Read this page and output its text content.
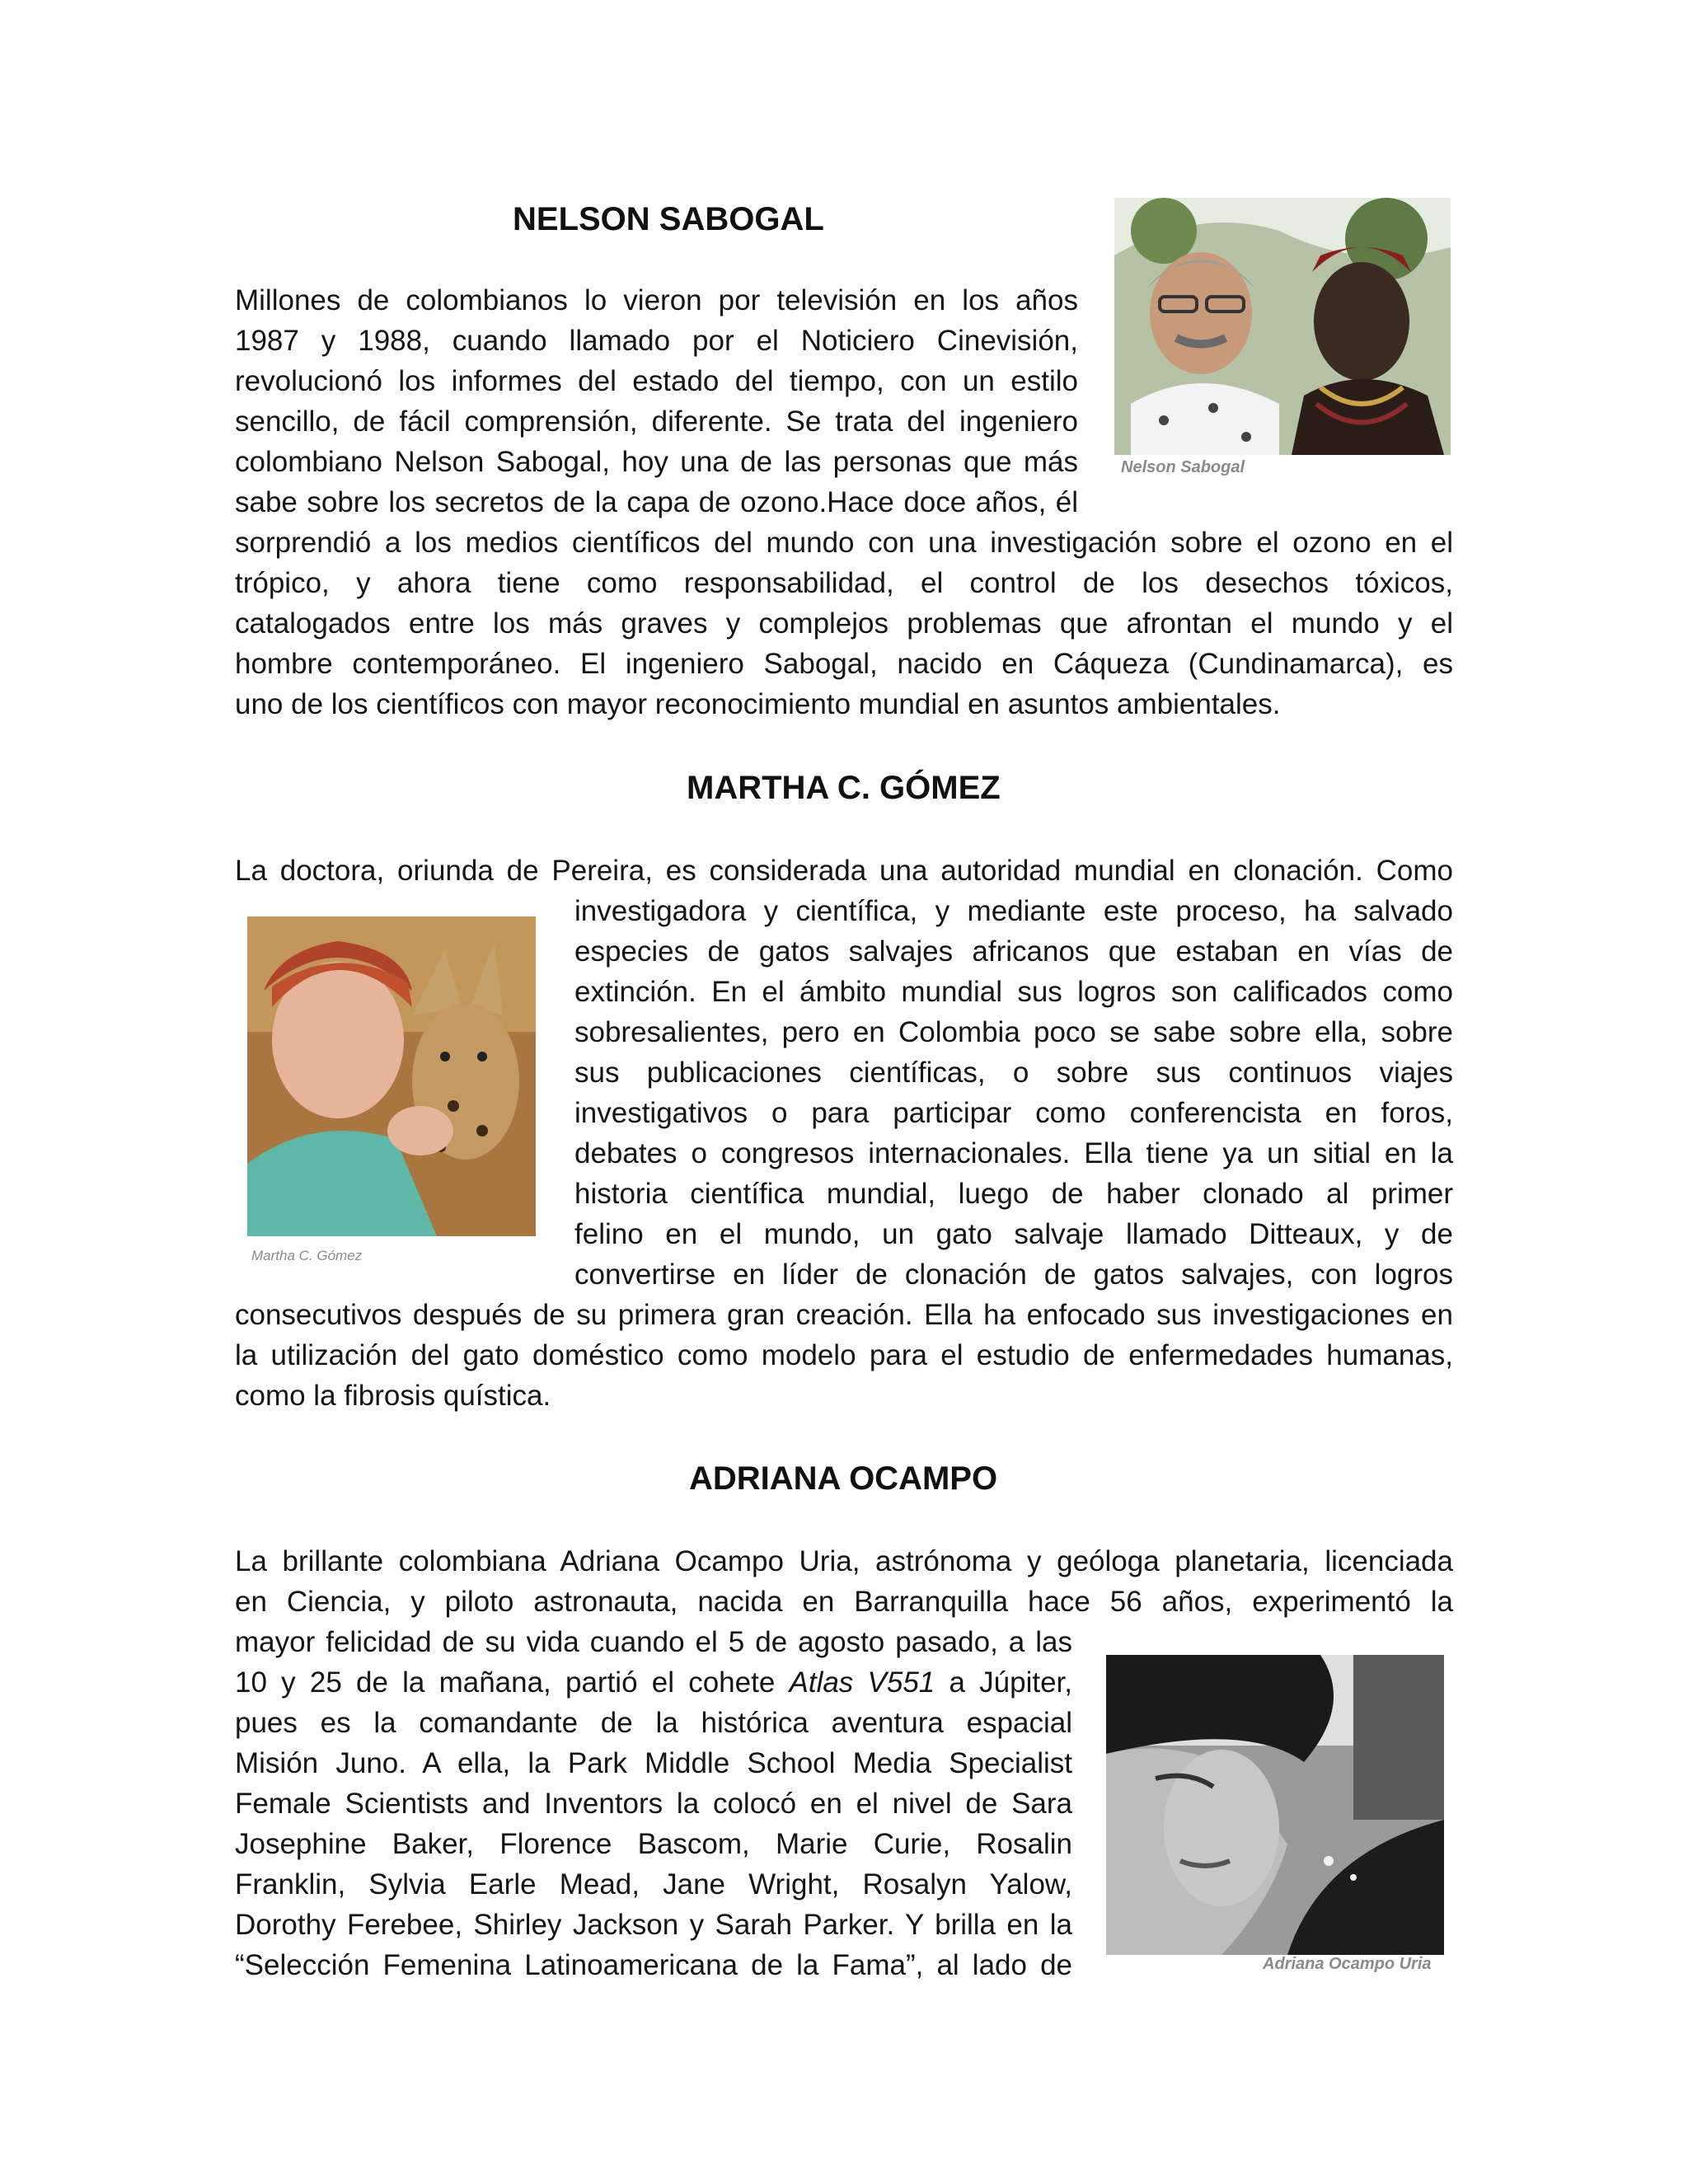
NELSON SABOGAL

Millones de colombianos lo vieron por televisión en los años

1987 y 1988, cuando llamado por el Noticiero Cinevisión,

revolucionó los informes del estado del tiempo, con un estilo

sencillo, de fácil comprensión, diferente. Se trata del ingeniero

colombiano Nelson Sabogal, hoy una de las personas que más

sabe sobre los secretos de la capa de ozono.Hace doce años, él

sorprendió a los medios científicos del mundo con una investigación sobre el ozono en el

trópico, y ahora tiene como responsabilidad, el control de los desechos tóxicos,

catalogados entre los más graves y complejos problemas que afrontan el mundo y el

hombre contemporáneo. El ingeniero Sabogal, nacido en Cáqueza (Cundinamarca), es

uno de los científicos con mayor reconocimiento mundial en asuntos ambientales.

Nelson Sabogal

MARTHA C. GÓMEZ

La doctora, oriunda de Pereira, es considerada una autoridad mundial en clonación. Como

investigadora y científica, y mediante este proceso, ha salvado

especies de gatos salvajes africanos que estaban en vías de

extinción. En el ámbito mundial sus logros son calificados como

sobresalientes, pero en Colombia poco se sabe sobre ella, sobre

sus publicaciones científicas, o sobre sus continuos viajes

investigativos o para participar como conferencista en foros,

debates o congresos internacionales. Ella tiene ya un sitial en la

historia científica mundial, luego de haber clonado al primer

felino en el mundo, un gato salvaje llamado Ditteaux, y de

convertirse en líder de clonación de gatos salvajes, con logros

consecutivos después de su primera gran creación. Ella ha enfocado sus investigaciones en

la utilización del gato doméstico como modelo para el estudio de enfermedades humanas,

como la fibrosis quística.

Martha C. Gómez

ADRIANA OCAMPO

La brillante colombiana Adriana Ocampo Uria, astrónoma y geóloga planetaria, licenciada

en Ciencia, y piloto astronauta, nacida en Barranquilla hace 56 años, experimentó la

mayor felicidad de su vida cuando el 5 de agosto pasado, a las

10 y 25 de la mañana, partió el cohete Atlas V551 a Júpiter,

pues es la comandante de la histórica aventura espacial

Misión Juno. A ella, la Park Middle School Media Specialist

Female Scientists and Inventors la colocó en el nivel de Sara

Josephine Baker, Florence Bascom, Marie Curie, Rosalin

Franklin, Sylvia Earle Mead, Jane Wright, Rosalyn Yalow,

Dorothy Ferebee, Shirley Jackson y Sarah Parker. Y brilla en la

“Selección Femenina Latinoamericana de la Fama”, al lado de	Adriana Ocampo Uria
